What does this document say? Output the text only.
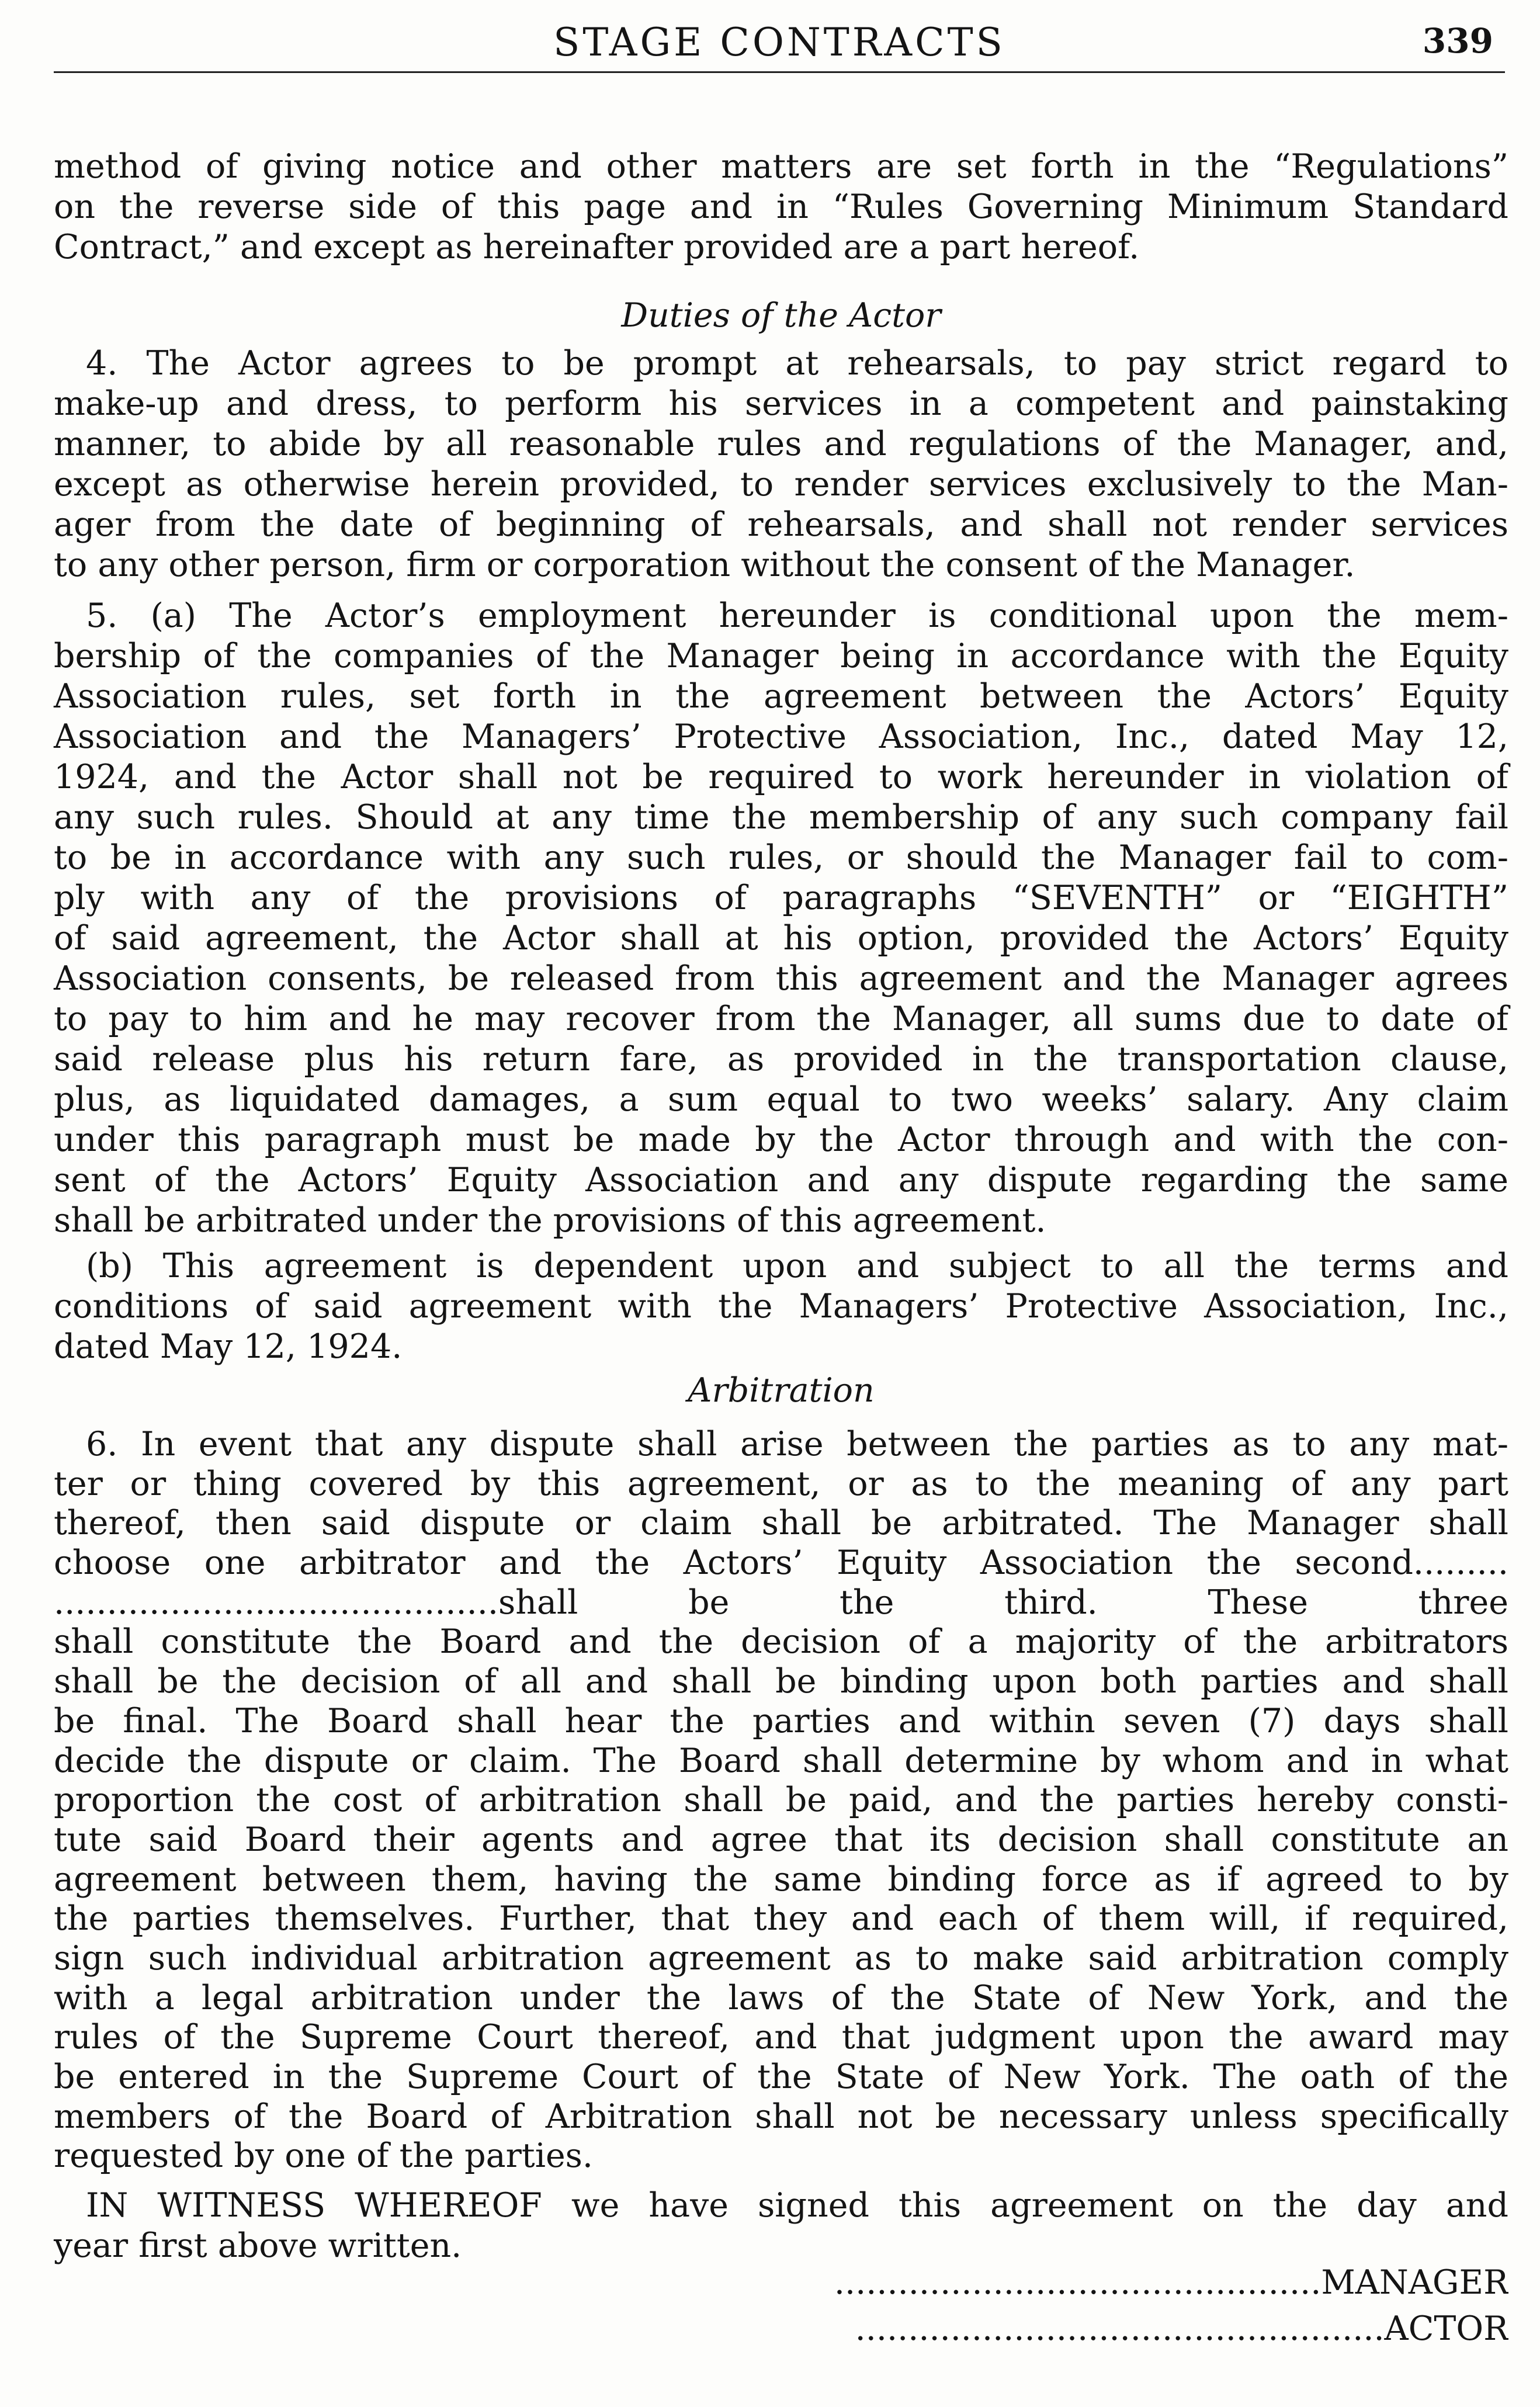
STAGE CONTRACTS	339
method of giving notice and other matters are set forth in the “Regulations”
on the reverse side of this page and in “Rules Governing Minimum Standard
Contract,” and except as hereinafter provided are a part hereof.
Duties of the Actor
4. The Actor agrees to be prompt at rehearsals, to pay strict regard to
make-up and dress, to perform his services in a competent and painstaking
manner, to abide by all reasonable rules and regulations of the Manager, and,
except as otherwise herein provided, to render services exclusively to the Man-
ager from the date of beginning of rehearsals, and shall not render services
to any other person, firm or corporation without the consent of the Manager.
5. (a) The Actor’s employment hereunder is conditional upon the mem-
bership of the companies of the Manager being in accordance with the Equity
Association rules, set forth in the agreement between the Actors’ Equity
Association and the Managers’ Protective Association, Inc., dated May 12,
1924, and the Actor shall not be required to work hereunder in violation of
any such rules. Should at any time the membership of any such company fail
to be in accordance with any such rules, or should the Manager fail to com-
ply with any of the provisions of paragraphs “SEVENTH” or “EIGHTH”
of said agreement, the Actor shall at his option, provided the Actors’ Equity
Association consents, be released from this agreement and the Manager agrees
to pay to him and he may recover from the Manager, all sums due to date of
said release plus his return fare, as provided in the transportation clause,
plus, as liquidated damages, a sum equal to two weeks’ salary. Any claim
under this paragraph must be made by the Actor through and with the con-
sent of the Actors’ Equity Association and any dispute regarding the same
shall be arbitrated under the provisions of this agreement.
(b) This agreement is dependent upon and subject to all the terms and
conditions of said agreement with the Managers’ Protective Association, Inc.,
dated May 12, 1924.
Arbitration
6. In event that any dispute shall arise between the parties as to any mat-
ter or thing covered by this agreement, or as to the meaning of any part
thereof, then said dispute or claim shall be arbitrated. The Manager shall
choose one arbitrator and the Actors’ Equity Association the second.........
..........................................shall be the third. These three
shall constitute the Board and the decision of a majority of the arbitrators
shall be the decision of all and shall be binding upon both parties and shall
be final. The Board shall hear the parties and within seven (7) days shall
decide the dispute or claim. The Board shall determine by whom and in what
proportion the cost of arbitration shall be paid, and the parties hereby consti-
tute said Board their agents and agree that its decision shall constitute an
agreement between them, having the same binding force as if agreed to by
the parties themselves. Further, that they and each of them will, if required,
sign such individual arbitration agreement as to make said arbitration comply
with a legal arbitration under the laws of the State of New York, and the
rules of the Supreme Court thereof, and that judgment upon the award may
be entered in the Supreme Court of the State of New York. The oath of the
members of the Board of Arbitration shall not be necessary unless specifically
requested by one of the parties.
IN WITNESS WHEREOF we have signed this agreement on the day and
year first above written.
..............................................MANAGER
..................................................ACTOR
